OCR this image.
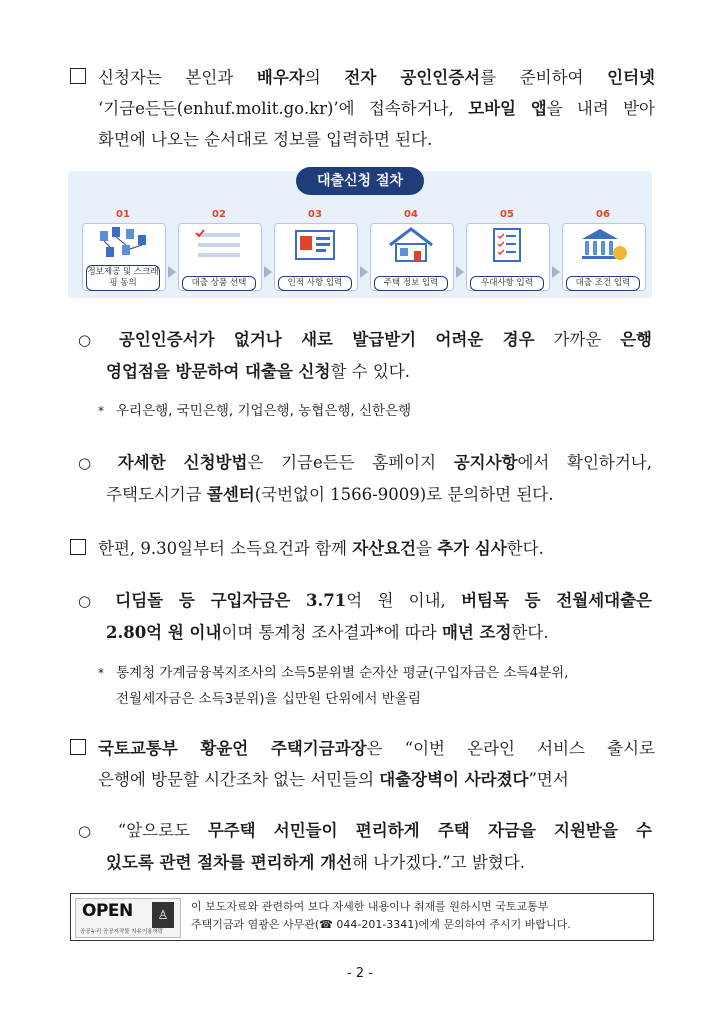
신청자는 본인과 배우자의 전자 공인인증서를 준비하여 인터넷
‘기금e든든(enhuf.molit.go.kr)’에 접속하거나, 모바일 앱을 내려 받아
화면에 나오는 순서대로 정보를 입력하면 된다.
대출신청 절차
01
정보제공 및 스크래핑 동의
02
대출 상품 선택
03
인적 사항 입력
04
주택 정보 입력
05
우대사항 입력
06
대출 조건 입력
○ 공인인증서가 없거나 새로 발급받기 어려운 경우 가까운 은행
영업점을 방문하여 대출을 신청할 수 있다.
* 우리은행, 국민은행, 기업은행, 농협은행, 신한은행
○ 자세한 신청방법은 기금e든든 홈페이지 공지사항에서 확인하거나,
주택도시기금 콜센터(국번없이 1566-9009)로 문의하면 된다.
한편, 9.30일부터 소득요건과 함께 자산요건을 추가 심사한다.
○ 디딤돌 등 구입자금은 3.71억 원 이내, 버팀목 등 전월세대출은
2.80억 원 이내이며 통계청 조사결과*에 따라 매년 조정한다.
* 통계청 가계금융복지조사의 소득5분위별 순자산 평균(구입자금은 소득4분위,
전월세자금은 소득3분위)을 십만원 단위에서 반올림
국토교통부 황윤언 주택기금과장은 “이번 온라인 서비스 출시로
은행에 방문할 시간조차 없는 서민들의 대출장벽이 사라졌다”면서
○ “앞으로도 무주택 서민들이 편리하게 주택 자금을 지원받을 수
있도록 관련 절차를 편리하게 개선해 나가겠다.”고 밝혔다.
OPEN	♙
공공누리 공공저작물 자유이용허락
이 보도자료와 관련하여 보다 자세한 내용이나 취재를 원하시면 국토교통부
주택기금과 염광은 사무관(☎ 044-201-3341)에게 문의하여 주시기 바랍니다.
- 2 -
